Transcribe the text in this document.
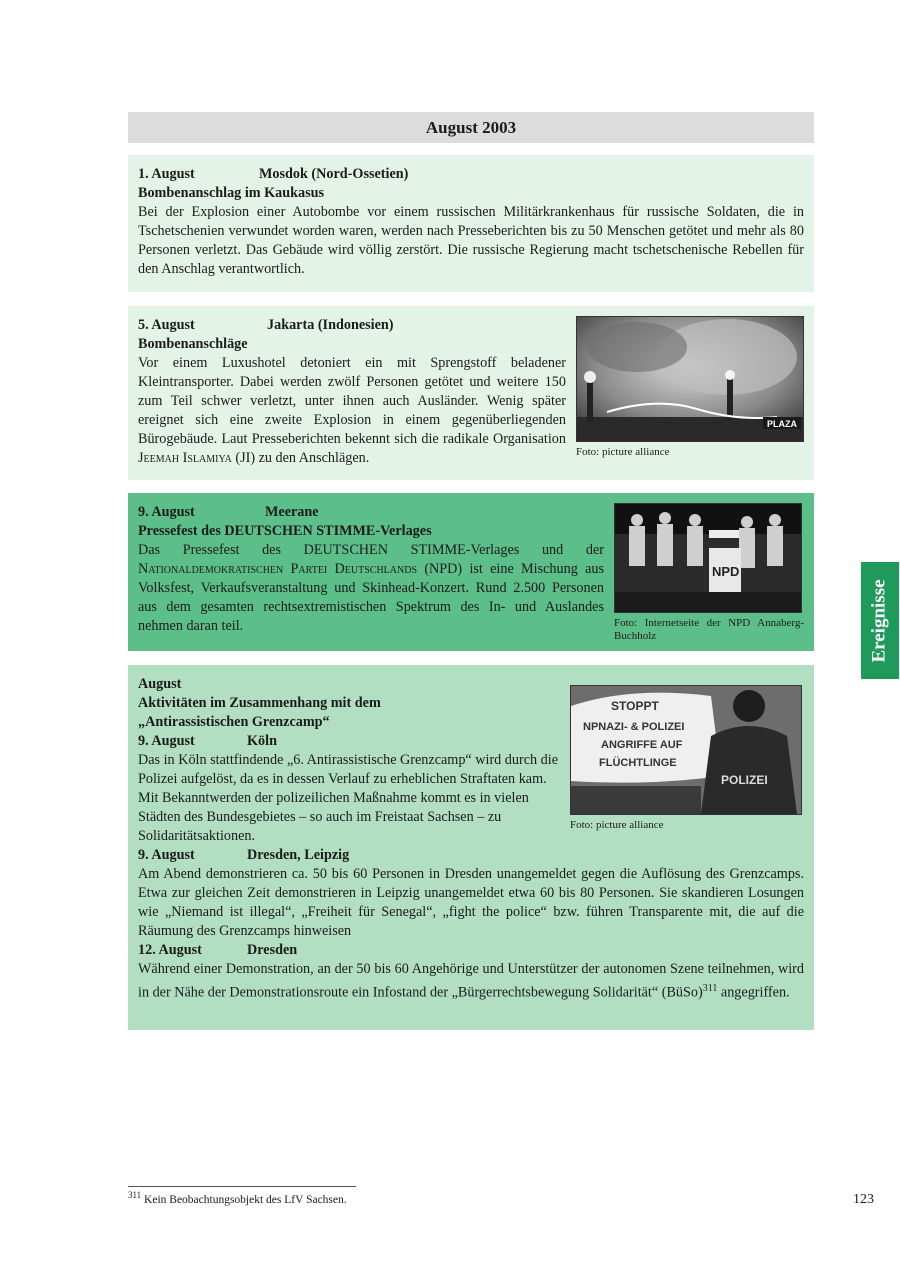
August 2003
1. August	Mosdok (Nord-Ossetien)
Bombenanschlag im Kaukasus
Bei der Explosion einer Autobombe vor einem russischen Militärkrankenhaus für russische Soldaten, die in Tschetschenien verwundet worden waren, werden nach Presseberichten bis zu 50 Menschen getötet und mehr als 80 Personen verletzt. Das Gebäude wird völlig zerstört. Die russische Regierung macht tschetschenische Rebellen für den Anschlag verantwortlich.
PLAZA
Foto: picture alliance
5. August	Jakarta (Indonesien)
Bombenanschläge
Vor einem Luxushotel detoniert ein mit Sprengstoff beladener Kleintransporter. Dabei werden zwölf Personen getötet und weitere 150 zum Teil schwer verletzt, unter ihnen auch Ausländer. Wenig später ereignet sich eine zweite Explosion in einem gegenüberliegenden Bürogebäude. Laut Presseberichten bekennt sich die radikale Organisation Jeemah Islamiya (JI) zu den Anschlägen.
NPD
Foto: Internetseite der NPD Annaberg-Buchholz
9. August	Meerane
Pressefest des DEUTSCHEN STIMME-Verlages
Das Pressefest des DEUTSCHEN STIMME-Verlages und der Nationaldemokratischen Partei Deutschlands (NPD) ist eine Mischung aus Volksfest, Verkaufsveranstaltung und Skinhead-Konzert. Rund 2.500 Personen aus dem gesamten rechtsextremistischen Spektrum des In- und Auslandes nehmen daran teil.
STOPPT
NPNAZI- & POLIZEI
ANGRIFFE AUF
FLÜCHTLINGE
POLIZEI
Foto: picture alliance
August
Aktivitäten im Zusammenhang mit dem
„Antirassistischen Grenzcamp“
9. August	Köln
Das in Köln stattfindende „6. Antirassistische Grenzcamp“ wird durch die Polizei aufgelöst, da es in dessen Verlauf zu erheblichen Straftaten kam. Mit Bekanntwerden der polizeilichen Maßnahme kommt es in vielen Städten des Bundesgebietes – so auch im Freistaat Sachsen – zu Solidaritätsaktionen.
9. August	Dresden, Leipzig
Am Abend demonstrieren ca. 50 bis 60 Personen in Dresden unangemeldet gegen die Auflösung des Grenzcamps. Etwa zur gleichen Zeit demonstrieren in Leipzig unangemeldet etwa 60 bis 80 Personen. Sie skandieren Losungen wie „Niemand ist illegal“, „Freiheit für Senegal“, „fight the police“ bzw. führen Transparente mit, die auf die Räumung des Grenzcamps hinweisen
12. August	Dresden
Während einer Demonstration, an der 50 bis 60 Angehörige und Unterstützer der autonomen Szene teilnehmen, wird in der Nähe der Demonstrationsroute ein Infostand der „Bürgerrechtsbewegung Solidarität“ (BüSo)$^{311}$ angegriffen.
Ereignisse
$^{311}$ Kein Beobachtungsobjekt des LfV Sachsen.	123
